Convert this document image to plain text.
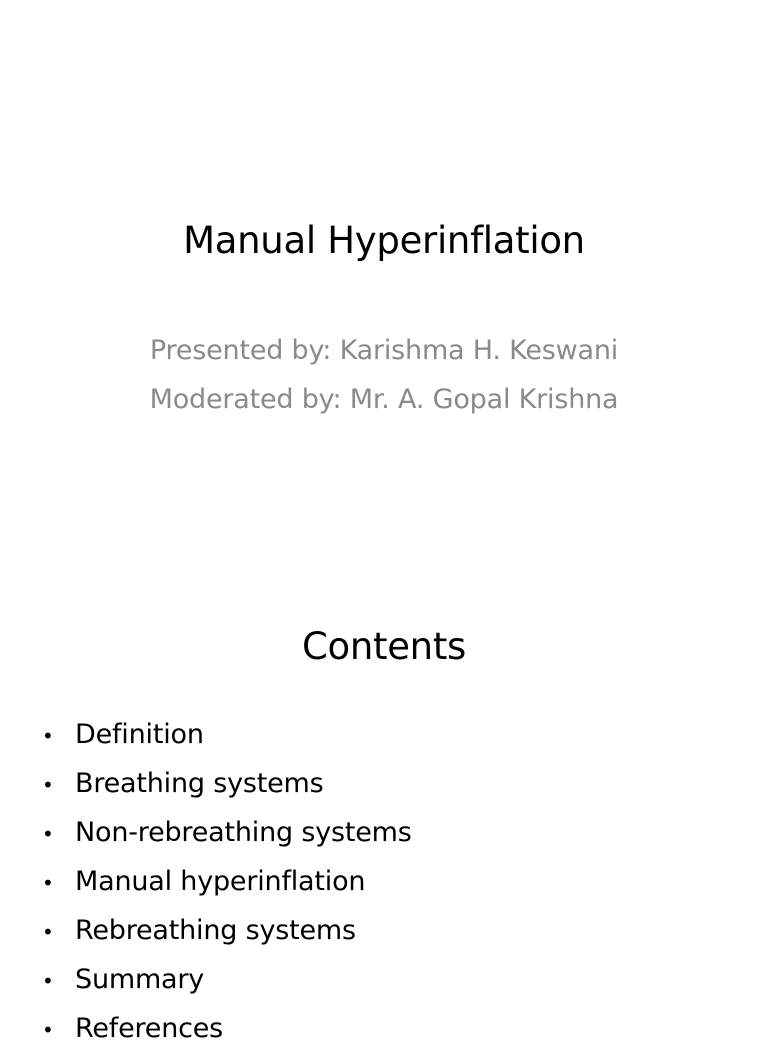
Manual Hyperinflation
Presented by: Karishma H. Keswani
Moderated by: Mr. A. Gopal Krishna
Contents
• Definition
• Breathing systems
• Non-rebreathing systems
• Manual hyperinflation
• Rebreathing systems
• Summary
• References
